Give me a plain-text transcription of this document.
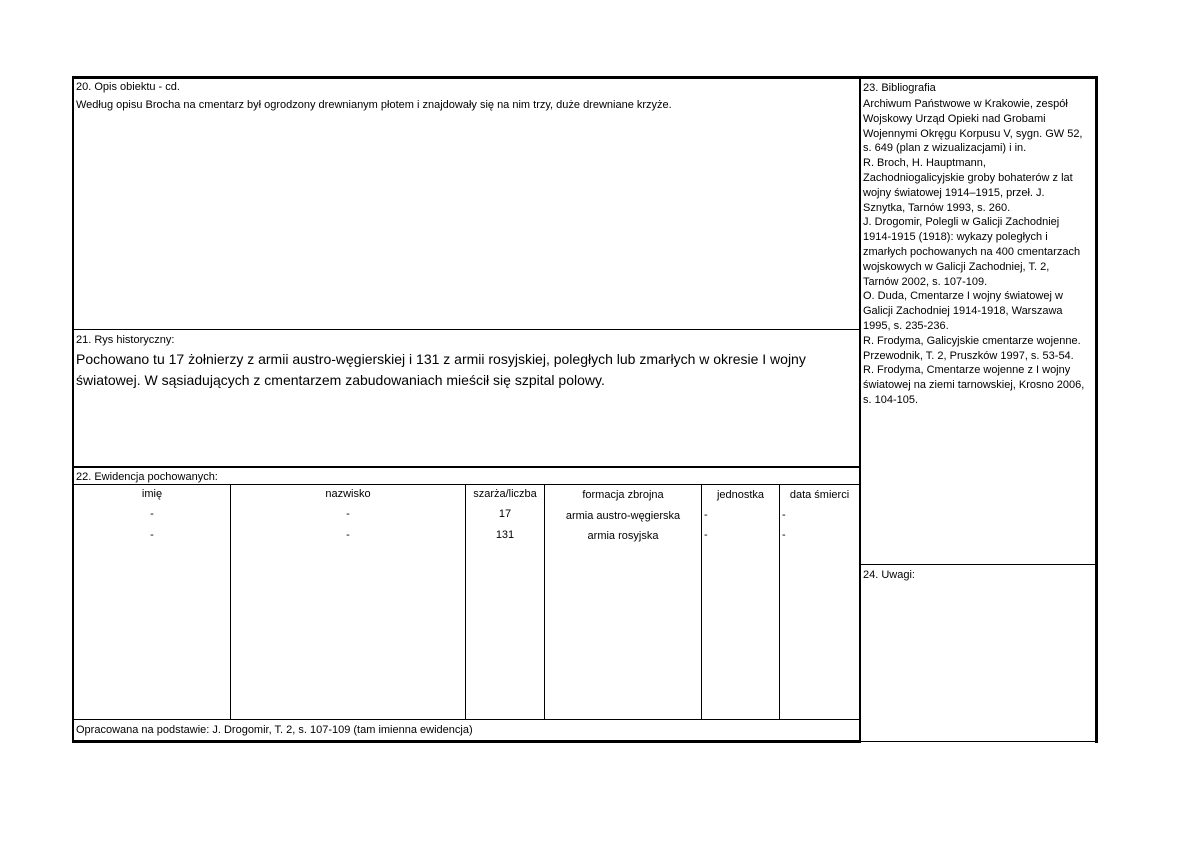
20. Opis obiektu - cd.
Według opisu Brocha na cmentarz był ogrodzony drewnianym płotem i znajdowały się na nim trzy, duże drewniane krzyże.
21. Rys historyczny:
Pochowano tu 17 żołnierzy z armii austro-węgierskiej i 131 z armii rosyjskiej, poległych lub zmarłych w okresie I wojny światowej. W sąsiadujących z cmentarzem zabudowaniach mieścił się szpital polowy.
22. Ewidencja pochowanych:
imię	nazwisko	szarża/liczba	formacja zbrojna	jednostka	data śmierci
-	-	17	armia austro-węgierska	-	-
-	-	131	armia rosyjska	-	-
Opracowana na podstawie: J. Drogomir, T. 2, s. 107-109 (tam imienna ewidencja)
23. Bibliografia
Archiwum Państwowe w Krakowie, zespół
Wojskowy Urząd Opieki nad Grobami
Wojennymi Okręgu Korpusu V, sygn. GW 52,
s. 649 (plan z wizualizacjami) i in.
R. Broch, H. Hauptmann,
Zachodniogalicyjskie groby bohaterów z lat
wojny światowej 1914–1915, przeł. J.
Sznytka, Tarnów 1993, s. 260.
J. Drogomir, Polegli w Galicji Zachodniej
1914-1915 (1918): wykazy poległych i
zmarłych pochowanych na 400 cmentarzach
wojskowych w Galicji Zachodniej, T. 2,
Tarnów 2002, s. 107-109.
O. Duda, Cmentarze I wojny światowej w
Galicji Zachodniej 1914-1918, Warszawa
1995, s. 235-236.
R. Frodyma, Galicyjskie cmentarze wojenne.
Przewodnik, T. 2, Pruszków 1997, s. 53-54.
R. Frodyma, Cmentarze wojenne z I wojny
światowej na ziemi tarnowskiej, Krosno 2006,
s. 104-105.
24. Uwagi:
